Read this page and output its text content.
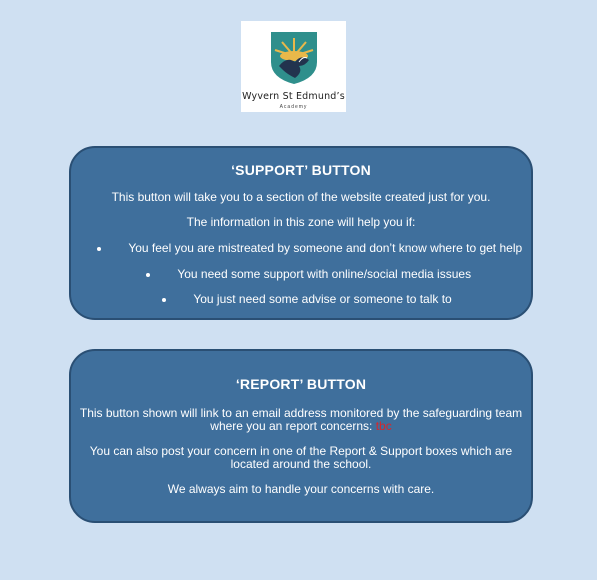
Wyvern St Edmund’s
Academy
‘SUPPORT’ BUTTON
This button will take you to a section of the website created just for you.
The information in this zone will help you if:
You feel you are mistreated by someone and don’t know where to get help
You need some support with online/social media issues
You just need some advise or someone to talk to
‘REPORT’ BUTTON
This button shown will link to an email address monitored by the safeguarding team
where you an report concerns: tbc
You can also post your concern in one of the Report & Support boxes which are
located around the school.
We always aim to handle your concerns with care.
